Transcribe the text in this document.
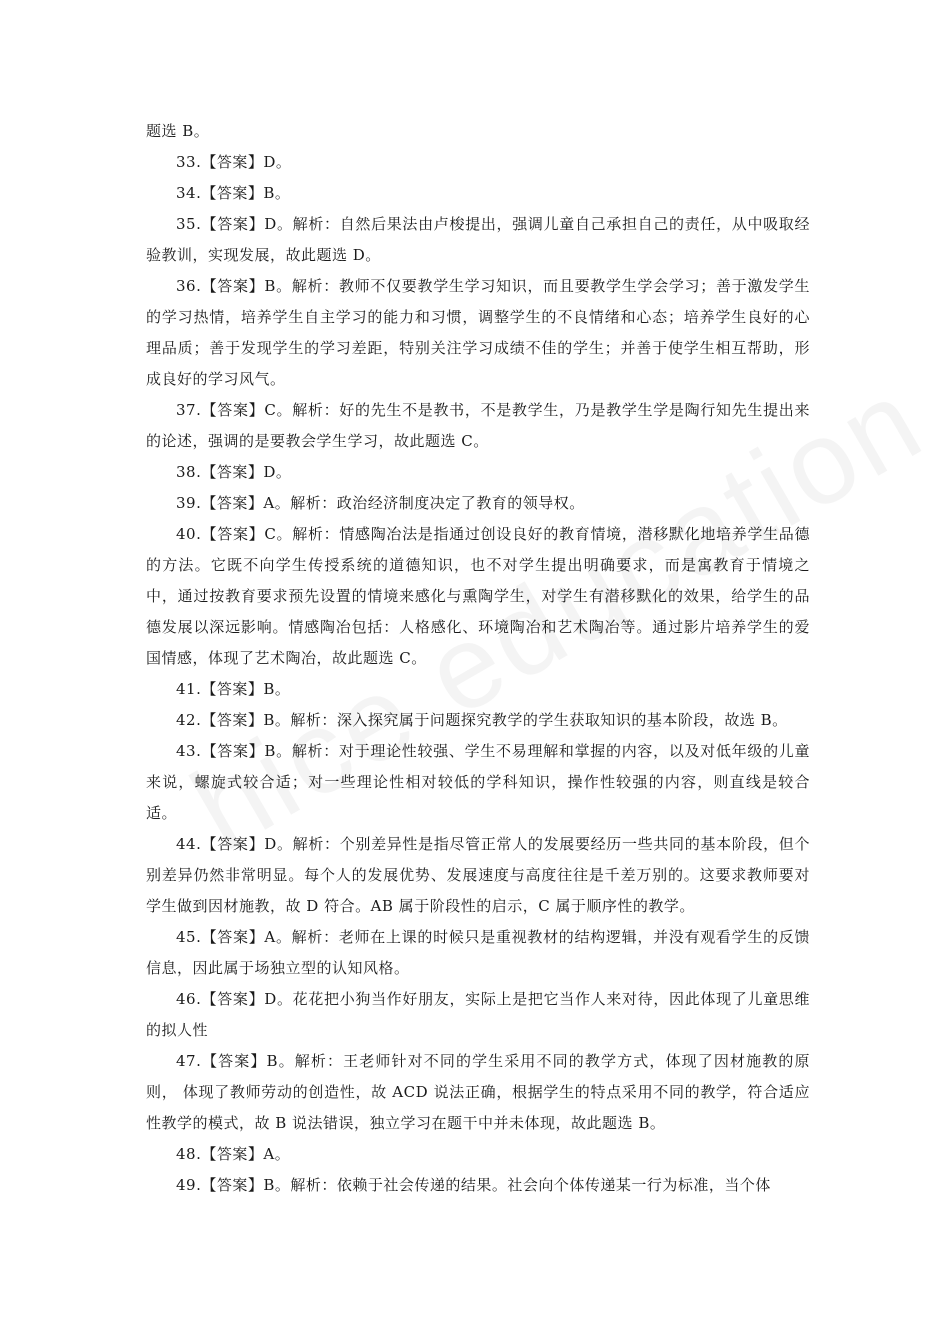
题选 B。

33.【答案】D。

34.【答案】B。

35.【答案】D。解析：自然后果法由卢梭提出，强调儿童自己承担自己的责任，从中吸取经验教训，实现发展，故此题选 D。

36.【答案】B。解析：教师不仅要教学生学习知识，而且要教学生学会学习；善于激发学生的学习热情，培养学生自主学习的能力和习惯，调整学生的不良情绪和心态；培养学生良好的心理品质；善于发现学生的学习差距，特别关注学习成绩不佳的学生；并善于使学生相互帮助，形成良好的学习风气。

37.【答案】C。解析：好的先生不是教书，不是教学生，乃是教学生学是陶行知先生提出来的论述，强调的是要教会学生学习，故此题选 C。

38.【答案】D。

39.【答案】A。解析：政治经济制度决定了教育的领导权。

40.【答案】C。解析：情感陶冶法是指通过创设良好的教育情境，潜移默化地培养学生品德的方法。它既不向学生传授系统的道德知识，也不对学生提出明确要求，而是寓教育于情境之中，通过按教育要求预先设置的情境来感化与熏陶学生，对学生有潜移默化的效果，给学生的品德发展以深远影响。情感陶冶包括：人格感化、环境陶冶和艺术陶冶等。通过影片培养学生的爱国情感，体现了艺术陶冶，故此题选 C。

41.【答案】B。

42.【答案】B。解析：深入探究属于问题探究教学的学生获取知识的基本阶段，故选 B。

43.【答案】B。解析：对于理论性较强、学生不易理解和掌握的内容，以及对低年级的儿童来说，螺旋式较合适；对一些理论性相对较低的学科知识，操作性较强的内容，则直线是较合适。

44.【答案】D。解析：个别差异性是指尽管正常人的发展要经历一些共同的基本阶段，但个别差异仍然非常明显。每个人的发展优势、发展速度与高度往往是千差万别的。这要求教师要对学生做到因材施教，故 D 符合。AB 属于阶段性的启示，C 属于顺序性的教学。

45.【答案】A。解析：老师在上课的时候只是重视教材的结构逻辑，并没有观看学生的反馈信息，因此属于场独立型的认知风格。

46.【答案】D。花花把小狗当作好朋友，实际上是把它当作人来对待，因此体现了儿童思维的拟人性

47.【答案】B。解析：王老师针对不同的学生采用不同的教学方式，体现了因材施教的原则， 体现了教师劳动的创造性，故 ACD 说法正确，根据学生的特点采用不同的教学，符合适应性教学的模式，故 B 说法错误，独立学习在题干中并未体现，故此题选 B。

48.【答案】A。

49.【答案】B。解析：依赖于社会传递的结果。社会向个体传递某一行为标准，当个体
